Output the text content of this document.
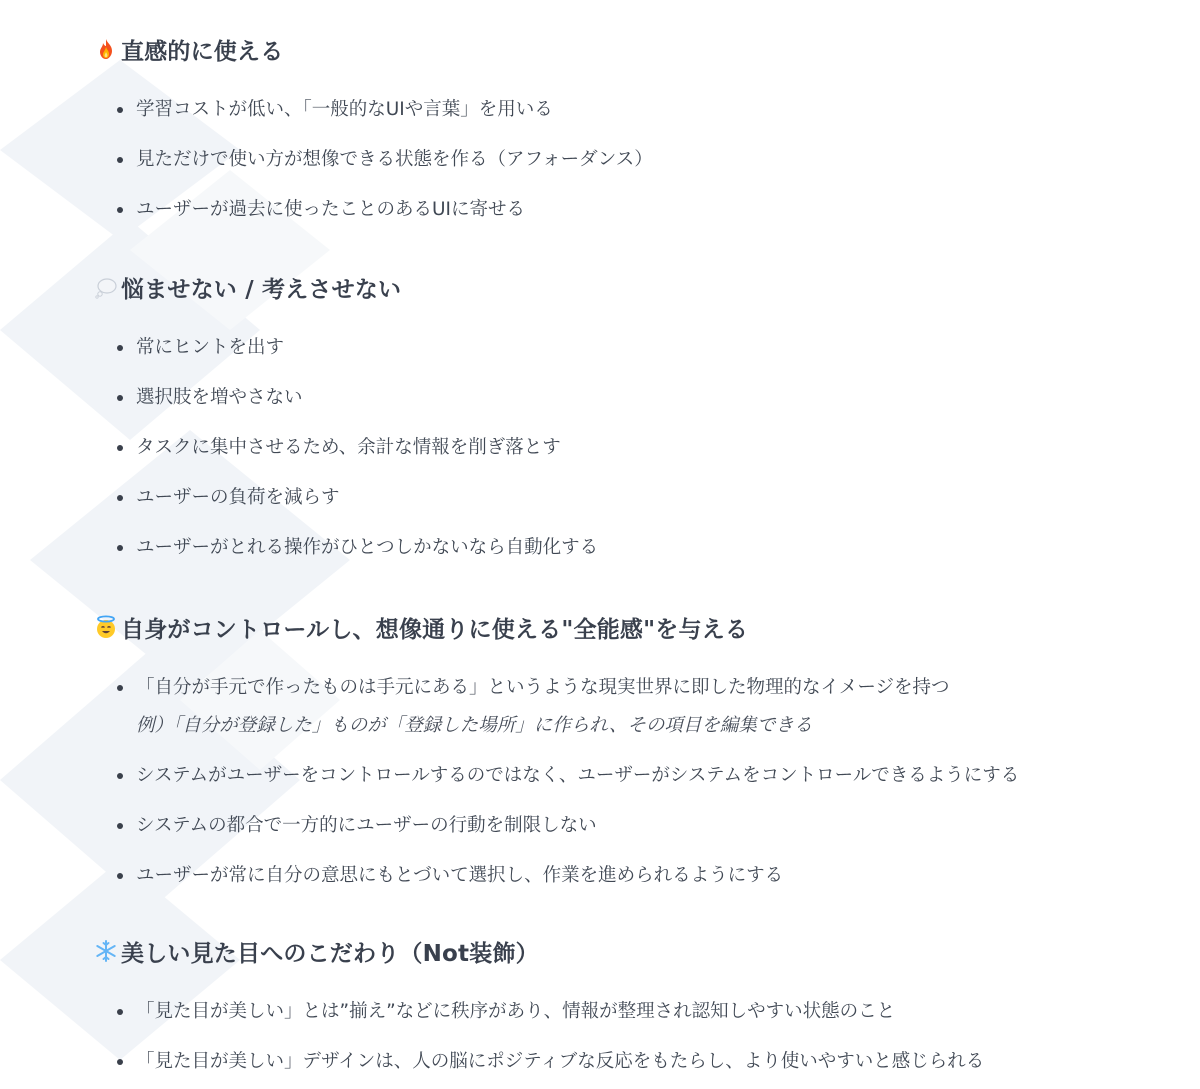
直感的に使える
学習コストが低い、「一般的なUIや言葉」を用いる
見ただけで使い方が想像できる状態を作る（アフォーダンス）
ユーザーが過去に使ったことのあるUIに寄せる
悩ませない / 考えさせない
常にヒントを出す
選択肢を増やさない
タスクに集中させるため、余計な情報を削ぎ落とす
ユーザーの負荷を減らす
ユーザーがとれる操作がひとつしかないなら自動化する
自身がコントロールし、想像通りに使える"全能感"を与える
「自分が手元で作ったものは手元にある」というような現実世界に即した物理的なイメージを持つ
例）「自分が登録した」ものが「登録した場所」に作られ、その項目を編集できる
システムがユーザーをコントロールするのではなく、ユーザーがシステムをコントロールできるようにする
システムの都合で一方的にユーザーの行動を制限しない
ユーザーが常に自分の意思にもとづいて選択し、作業を進められるようにする
美しい見た目へのこだわり（Not装飾）
「見た目が美しい」とは”揃え”などに秩序があり、情報が整理され認知しやすい状態のこと
「見た目が美しい」デザインは、人の脳にポジティブな反応をもたらし、より使いやすいと感じられる
